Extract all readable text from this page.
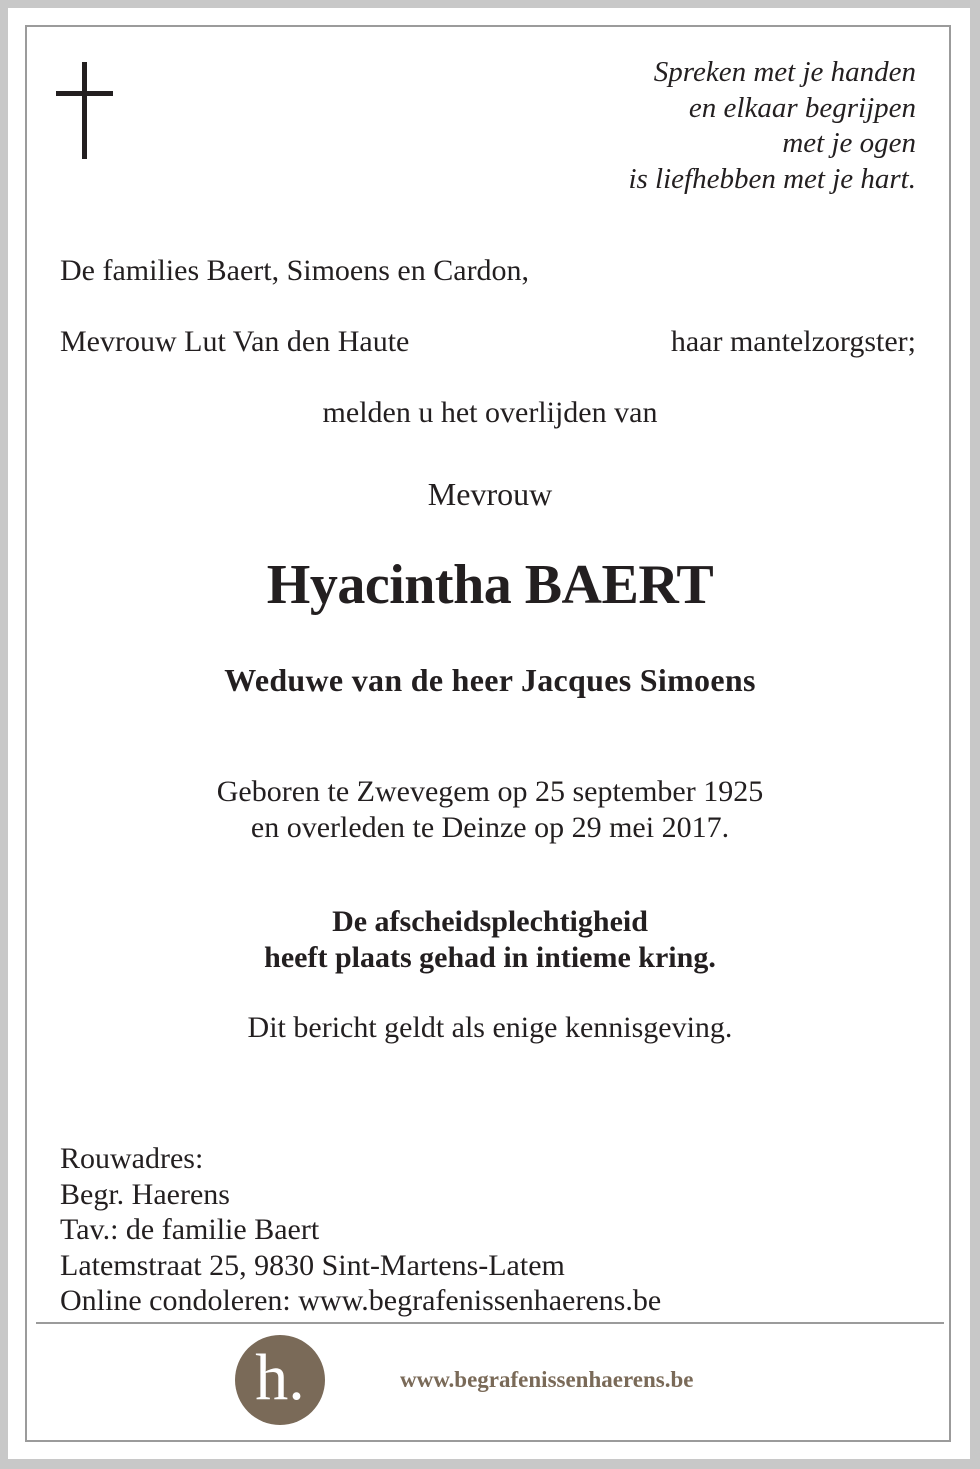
Spreken met je handen
en elkaar begrijpen
met je ogen
is liefhebben met je hart.
De families Baert, Simoens en Cardon,
Mevrouw Lut Van den Haute	haar mantelzorgster;
melden u het overlijden van
Mevrouw
Hyacintha BAERT
Weduwe van de heer Jacques Simoens
Geboren te Zwevegem op 25 september 1925
en overleden te Deinze op 29 mei 2017.
De afscheidsplechtigheid
heeft plaats gehad in intieme kring.
Dit bericht geldt als enige kennisgeving.
Rouwadres:
Begr. Haerens
Tav.: de familie Baert
Latemstraat 25, 9830 Sint-Martens-Latem
Online condoleren: www.begrafenissenhaerens.be
h.	www.begrafenissenhaerens.be
